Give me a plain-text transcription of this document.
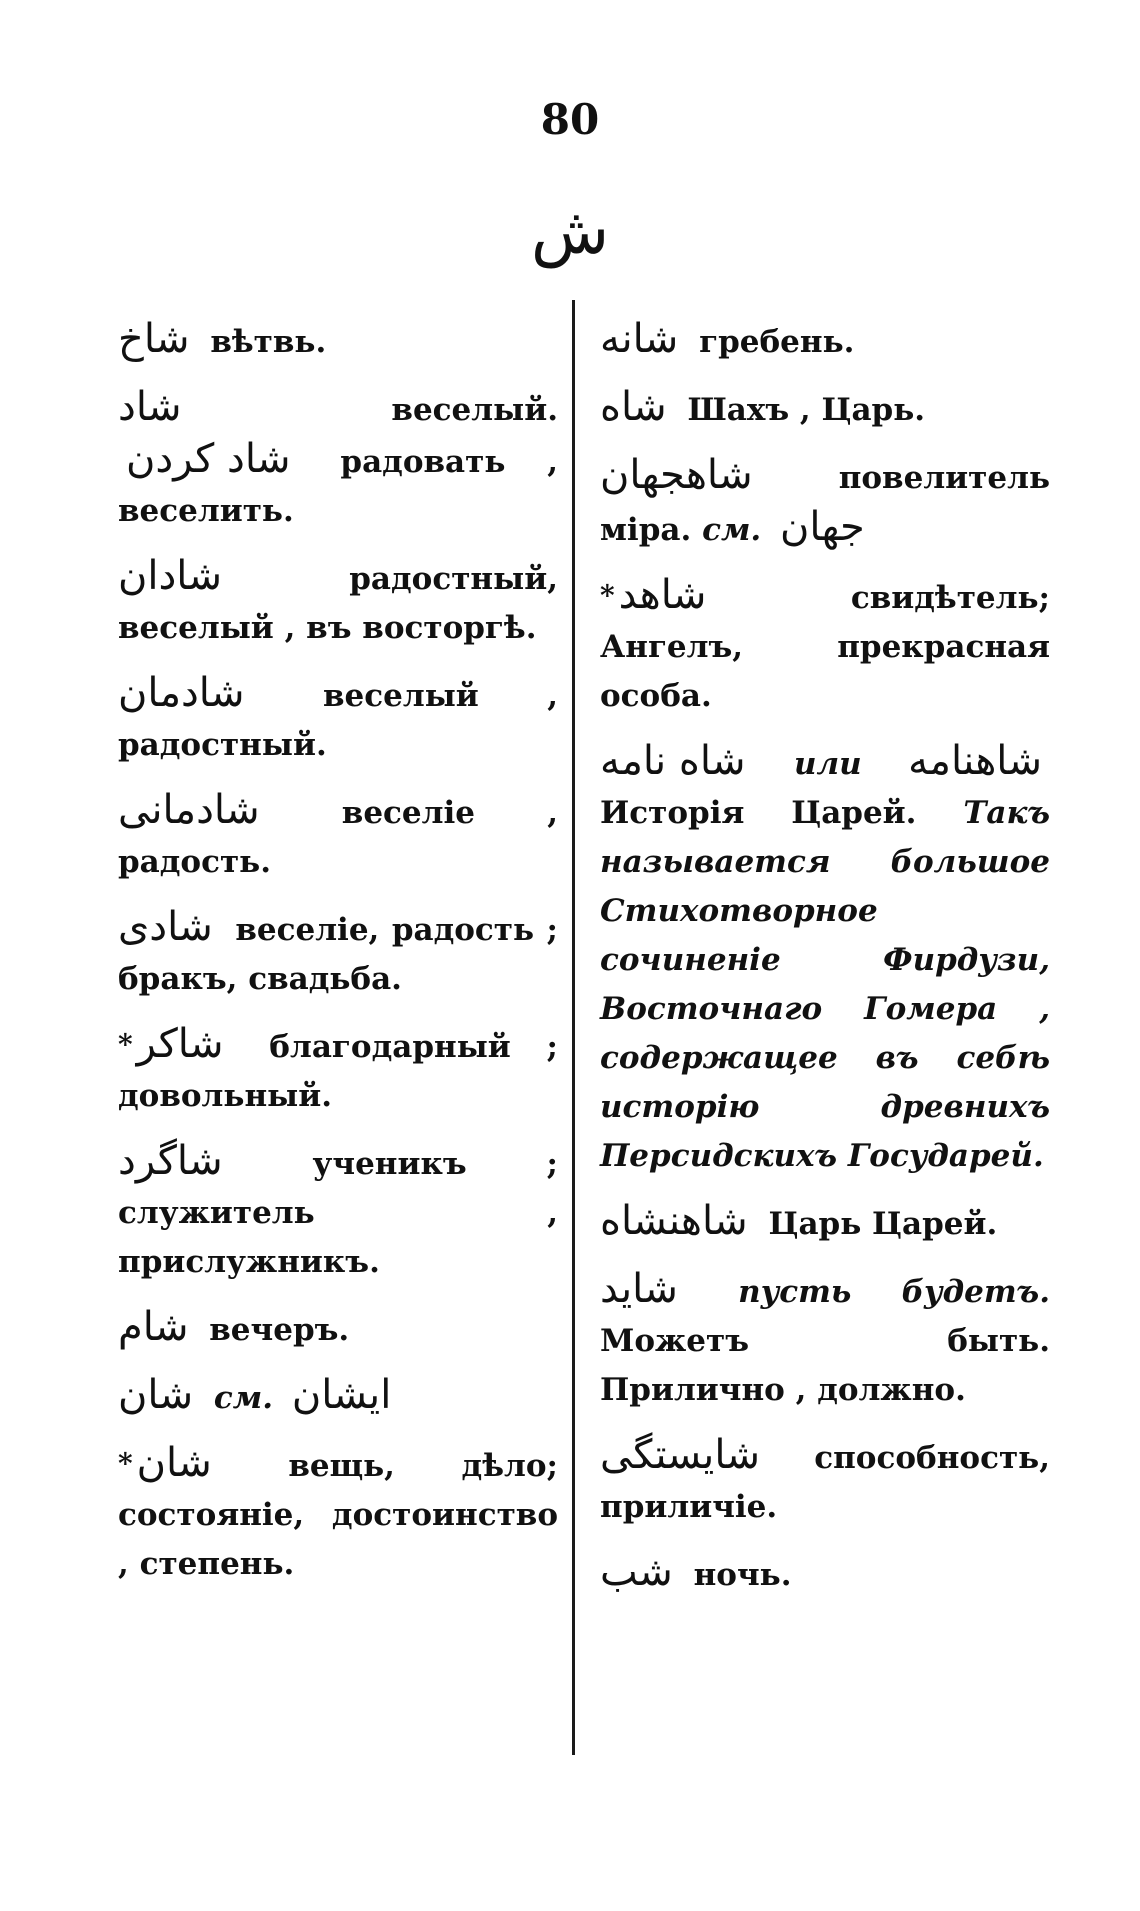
80
ش
شاخ вѣтвь.
شاد	веселый. شاد كردن радовать , веселить.
شادان	радостный, веселый , въ восторгѣ.
شادمان	веселый , радостный.
شادمانى	веселіе , радость.
شادى веселіе, радость ; бракъ, свадьба.
* شاكر благодарный ; довольный.
شاگرد	ученикъ ; служитель , прислужникъ.
شام вечеръ.
شان см. ايشان
* شان вещь, дѣло; состояніе, достоинство , степень.
شانه гребень.
شاه Шахъ , Царь.
شاهجهان	повелитель міра. см. جهان
* شاهد	свидѣтель; Ангелъ, прекрасная особа.
شاه نامه или شاهنامه Исторія Царей. Такъ называется большое Стихотворное сочиненіе Фирдузи, Восточнаго Гомера , содержащее въ себѣ исторію древнихъ Персидскихъ Государей.
شاهنشاه Царь Царей.
شايد пусть будетъ. Можетъ быть. Прилично , должно.
شايستگى способность, приличіе.
شب ночь.
